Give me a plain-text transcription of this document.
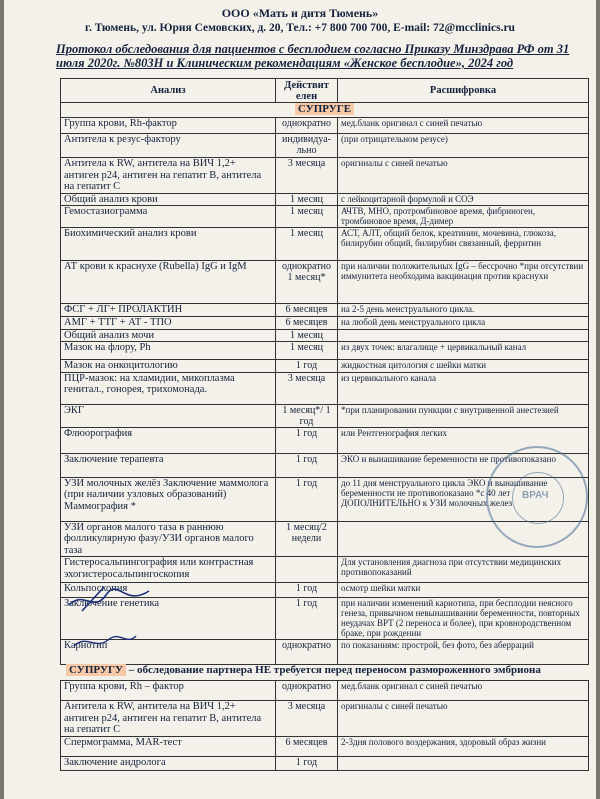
ООО «Мать и дитя Тюмень»
г. Тюмень, ул. Юрия Семовских, д. 20, Тел.: +7 800 700 700, E-mail: 72@mcclinics.ru
Протокол обследования для пациентов с бесплодием согласно Приказу Минздрава РФ от 31 июля 2020г. №803Н и Клиническим рекомендациям «Женское бесплодие», 2024 год
Анализ	Действит елен	Расшифровка
СУПРУГЕ		
Группа крови, Rh-фактор	однократно	мед.бланк оригинал с синей печатью
Антитела к резус-фактору	индивидуа-льно	(при отрицательном резусе)
Антитела к RW, антитела на ВИЧ 1,2+ антиген p24, антиген на гепатит В, антитела на гепатит С	3 месяца	оригиналы с синей печатью
Общий анализ крови	1 месяц	с лейкоцитарной формулой и СОЭ
Гемостазиограмма	1 месяц	АЧТВ, МНО, протромбиновое время, фибриноген, тромбиновое время, Д-димер
Биохимический анализ крови	1 месяц	АСТ, АЛТ, общий белок, креатинин, мочевина, глюкоза, билирубин общий, билирубин связанный, ферритин
АТ крови к краснухе (Rubella) IgG и IgM	однократно 1 месяц*	при наличии положительных IgG – бессрочно *при отсутствии иммунитета необходима вакцинация против краснухи
ФСГ + ЛГ+ ПРОЛАКТИН	6 месяцев	на 2-5 день менструального цикла.
АМГ + ТТГ + АТ - ТПО	6 месяцев	на любой день менструального цикла
Общий анализ мочи	1 месяц	
Мазок на флору, Ph	1 месяц	из двух точек: влагалище + цервикальный канал
Мазок на онкоцитологию	1 год	жидкостная цитология с шейки матки
ПЦР-мазок: на хламидии, микоплазма генитал., гонорея, трихомонада.	3 месяца	из цервикального канала
ЭКГ	1 месяц*/ 1 год	*при планировании пункции с внутривенной анестезией
Флюорография	1 год	или Рентгенография легких
Заключение терапевта	1 год	ЭКО и вынашивание беременности не противопоказано
УЗИ молочных желёз Заключение маммолога (при наличии узловых образований) Маммография *	1 год	до 11 дня менструального цикла ЭКО и вынашивание беременности не противопоказано *с 40 лет ДОПОЛНИТЕЛЬНО к УЗИ молочных желез
УЗИ органов малого таза в раннюю фолликулярную фазу/УЗИ органов малого таза	1 месяц/2 недели	
Гистеросальпингография или контрастная эхогистеросальпингоскопия		Для установления диагноза при отсутствии медицинских противопоказаний
Кольпоскопия	1 год	осмотр шейки матки
Заключение генетика	1 год	при наличии изменений кариотипа, при бесплодии неясного генеза, привычном невынашивании беременности, повторных неудачах ВРТ (2 переноса и более), при кровнородственном браке, при рождении
Кариотип	однократно	по показаниям: прострой, без фото, без аберраций
СУПРУГУ – обследование партнера НЕ требуется перед переносом размороженного эмбриона
Группа крови, Rh – фактор	однократно	мед.бланк оригинал с синей печатью
Антитела к RW, антитела на ВИЧ 1,2+ антиген p24, антиген на гепатит В, антитела на гепатит С	3 месяца	оригиналы с синей печатью
Спермограмма, MAR-тест	6 месяцев	2-3дня полового воздержания, здоровый образ жизни
Заключение андролога	1 год	
ВРАЧ
